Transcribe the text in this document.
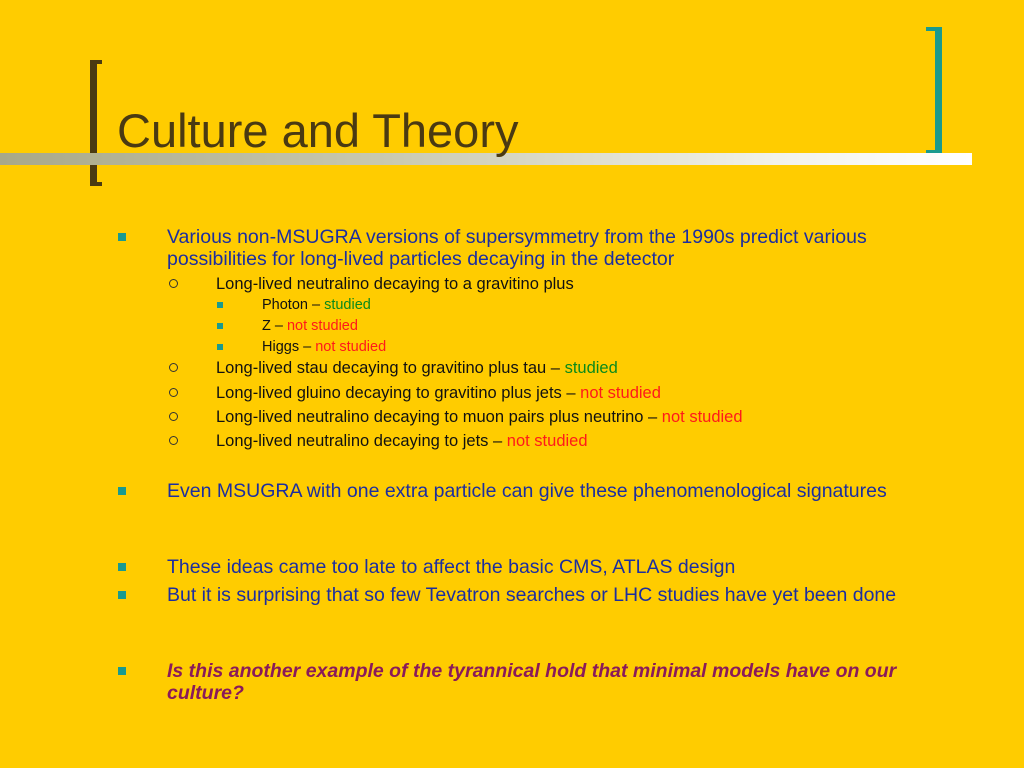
Culture and Theory
Various non-MSUGRA versions of supersymmetry from the 1990s predict various possibilities for long-lived particles decaying in the detector
Long-lived neutralino decaying to a gravitino plus
Photon – studied
Z – not studied
Higgs – not studied
Long-lived stau decaying to gravitino plus tau – studied
Long-lived gluino decaying to gravitino plus jets – not studied
Long-lived neutralino decaying to muon pairs plus neutrino – not studied
Long-lived neutralino decaying to jets – not studied
Even MSUGRA with one extra particle can give these phenomenological signatures
These ideas came too late to affect the basic CMS, ATLAS design
But it is surprising that so few Tevatron searches or LHC studies have yet been done
Is this another example of the tyrannical hold that minimal models have on our culture?
